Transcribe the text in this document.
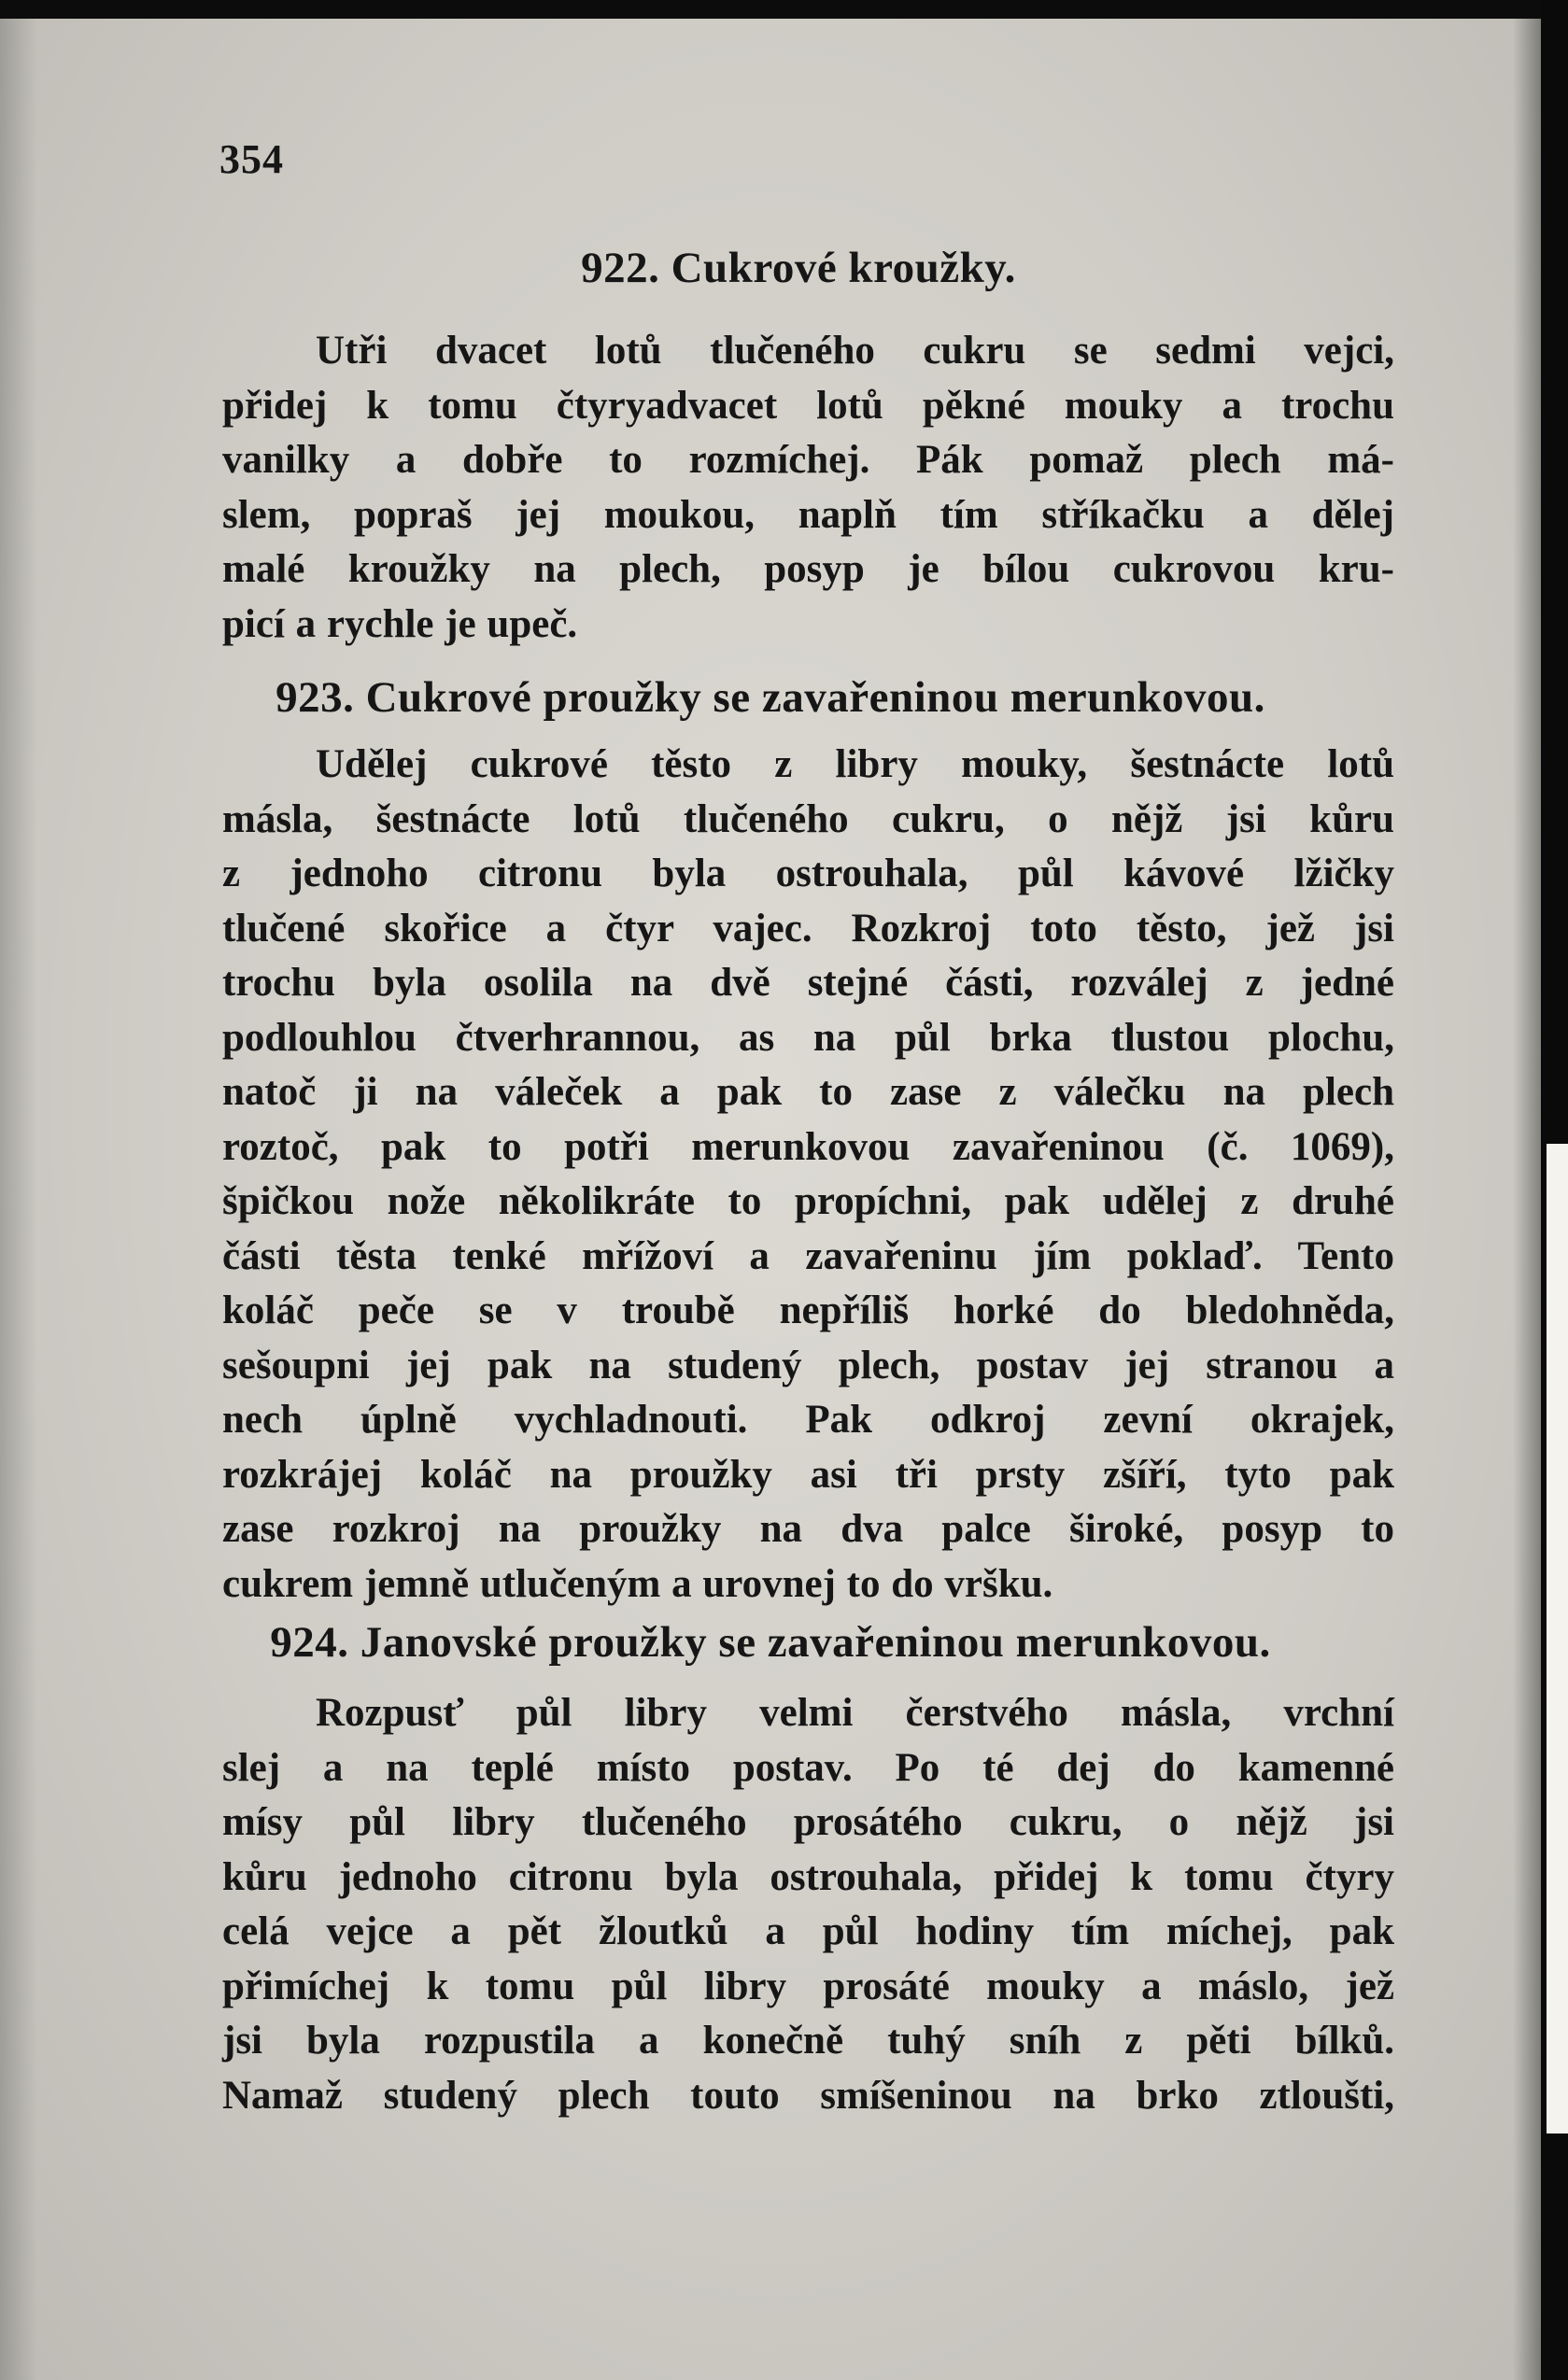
354
922. Cukrové kroužky.
Utři dvacet lotů tlučeného cukru se sedmi vejci,
přidej k tomu čtyryadvacet lotů pěkné mouky a trochu
vanilky a dobře to rozmíchej. Pák pomaž plech má-
slem, popraš jej moukou, naplň tím stříkačku a dělej
malé kroužky na plech, posyp je bílou cukrovou kru-
picí a rychle je upeč.
923. Cukrové proužky se zavařeninou merunkovou.
Udělej cukrové těsto z libry mouky, šestnácte lotů
másla, šestnácte lotů tlučeného cukru, o nějž jsi kůru
z jednoho citronu byla ostrouhala, půl kávové lžičky
tlučené skořice a čtyr vajec. Rozkroj toto těsto, jež jsi
trochu byla osolila na dvě stejné části, rozválej z jedné
podlouhlou čtverhrannou, as na půl brka tlustou plochu,
natoč ji na váleček a pak to zase z válečku na plech
roztoč, pak to potři merunkovou zavařeninou (č. 1069),
špičkou nože několikráte to propíchni, pak udělej z druhé
části těsta tenké mřížoví a zavařeninu jím poklaď. Tento
koláč peče se v troubě nepříliš horké do bledohněda,
sešoupni jej pak na studený plech, postav jej stranou a
nech úplně vychladnouti. Pak odkroj zevní okrajek,
rozkrájej koláč na proužky asi tři prsty zšíří, tyto pak
zase rozkroj na proužky na dva palce široké, posyp to
cukrem jemně utlučeným a urovnej to do vršku.
924. Janovské proužky se zavařeninou merunkovou.
Rozpusť půl libry velmi čerstvého másla, vrchní
slej a na teplé místo postav. Po té dej do kamenné
mísy půl libry tlučeného prosátého cukru, o nějž jsi
kůru jednoho citronu byla ostrouhala, přidej k tomu čtyry
celá vejce a pět žloutků a půl hodiny tím míchej, pak
přimíchej k tomu půl libry prosáté mouky a máslo, jež
jsi byla rozpustila a konečně tuhý sníh z pěti bílků.
Namaž studený plech touto smíšeninou na brko ztloušti,
